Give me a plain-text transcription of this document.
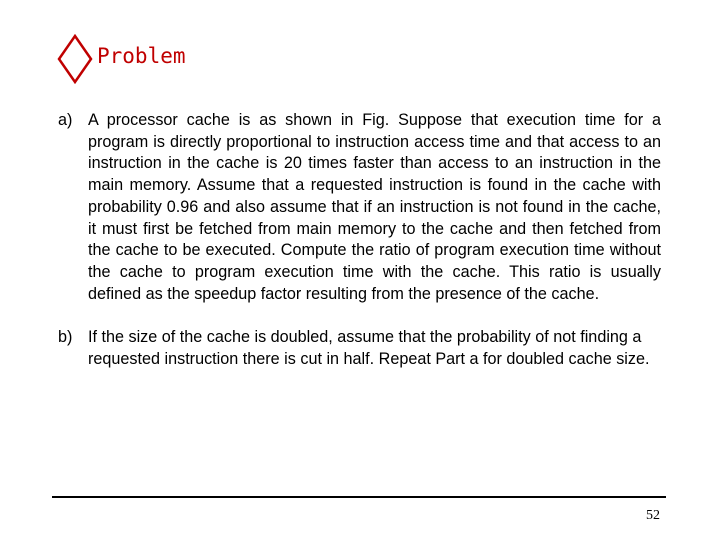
Problem
a) A processor cache is as shown in Fig. Suppose that execution time for a program is directly proportional to instruction access time and that access to an instruction in the cache is 20 times faster than access to an instruction in the main memory. Assume that a requested instruction is found in the cache with probability 0.96 and also assume that if an instruction is not found in the cache, it must first be fetched from main memory to the cache and then fetched from the cache to be executed. Compute the ratio of program execution time without the cache to program execution time with the cache. This ratio is usually defined as the speedup factor resulting from the presence of the cache.
b) If the size of the cache is doubled, assume that the probability of not finding a requested instruction there is cut in half. Repeat Part a for doubled cache size.
52
